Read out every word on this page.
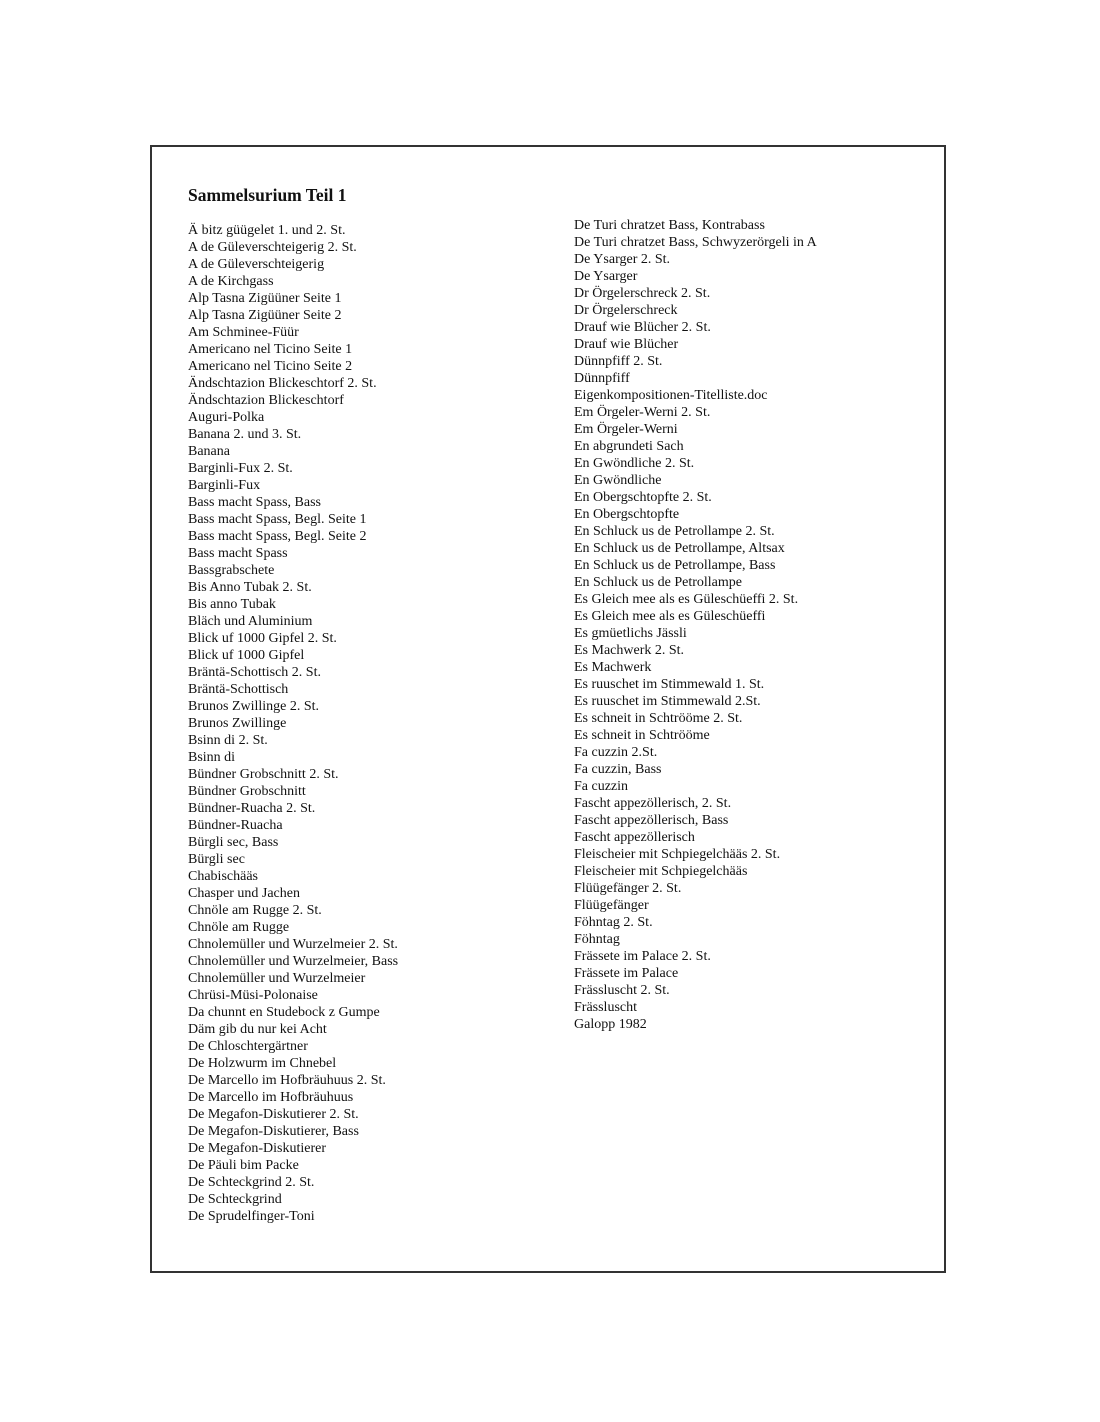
Sammelsurium Teil 1
Ä bitz güügelet 1. und 2. St.
A de Güleverschteigerig 2. St.
A de Güleverschteigerig
A de Kirchgass
Alp Tasna Zigüüner Seite 1
Alp Tasna Zigüüner Seite 2
Am Schminee-Füür
Americano nel Ticino Seite 1
Americano nel Ticino Seite 2
Ändschtazion Blickeschtorf 2. St.
Ändschtazion Blickeschtorf
Auguri-Polka
Banana 2. und 3. St.
Banana
Barginli-Fux 2. St.
Barginli-Fux
Bass macht Spass, Bass
Bass macht Spass, Begl. Seite 1
Bass macht Spass, Begl. Seite 2
Bass macht Spass
Bassgrabschete
Bis Anno Tubak 2. St.
Bis anno Tubak
Bläch und Aluminium
Blick uf 1000 Gipfel 2. St.
Blick uf 1000 Gipfel
Bräntä-Schottisch 2. St.
Bräntä-Schottisch
Brunos Zwillinge 2. St.
Brunos Zwillinge
Bsinn di 2. St.
Bsinn di
Bündner Grobschnitt 2. St.
Bündner Grobschnitt
Bündner-Ruacha 2. St.
Bündner-Ruacha
Bürgli sec, Bass
Bürgli sec
Chabischääs
Chasper und Jachen
Chnöle am Rugge 2. St.
Chnöle am Rugge
Chnolemüller und Wurzelmeier 2. St.
Chnolemüller und Wurzelmeier, Bass
Chnolemüller und Wurzelmeier
Chrüsi-Müsi-Polonaise
Da chunnt en Studebock z Gumpe
Däm gib du nur kei Acht
De Chloschtergärtner
De Holzwurm im Chnebel
De Marcello im Hofbräuhuus 2. St.
De Marcello im Hofbräuhuus
De Megafon-Diskutierer 2. St.
De Megafon-Diskutierer, Bass
De Megafon-Diskutierer
De Päuli bim Packe
De Schteckgrind 2. St.
De Schteckgrind
De Sprudelfinger-Toni
De Turi chratzet Bass, Kontrabass
De Turi chratzet Bass, Schwyzerörgeli in A
De Ysarger 2. St.
De Ysarger
Dr Örgelerschreck 2. St.
Dr Örgelerschreck
Drauf wie Blücher 2. St.
Drauf wie Blücher
Dünnpfiff 2. St.
Dünnpfiff
Eigenkompositionen-Titelliste.doc
Em Örgeler-Werni 2. St.
Em Örgeler-Werni
En abgrundeti Sach
En Gwöndliche 2. St.
En Gwöndliche
En Obergschtopfte 2. St.
En Obergschtopfte
En Schluck us de Petrollampe 2. St.
En Schluck us de Petrollampe, Altsax
En Schluck us de Petrollampe, Bass
En Schluck us de Petrollampe
Es Gleich mee als es Güleschüeffi 2. St.
Es Gleich mee als es Güleschüeffi
Es gmüetlichs Jässli
Es Machwerk 2. St.
Es Machwerk
Es ruuschet im Stimmewald 1. St.
Es ruuschet im Stimmewald 2.St.
Es schneit in Schtrööme 2. St.
Es schneit in Schtrööme
Fa cuzzin 2.St.
Fa cuzzin, Bass
Fa cuzzin
Fascht appezöllerisch, 2. St.
Fascht appezöllerisch, Bass
Fascht appezöllerisch
Fleischeier mit Schpiegelchääs 2. St.
Fleischeier mit Schpiegelchääs
Flüügefänger 2. St.
Flüügefänger
Föhntag 2. St.
Föhntag
Frässete im Palace 2. St.
Frässete im Palace
Frässluscht 2. St.
Frässluscht
Galopp 1982
